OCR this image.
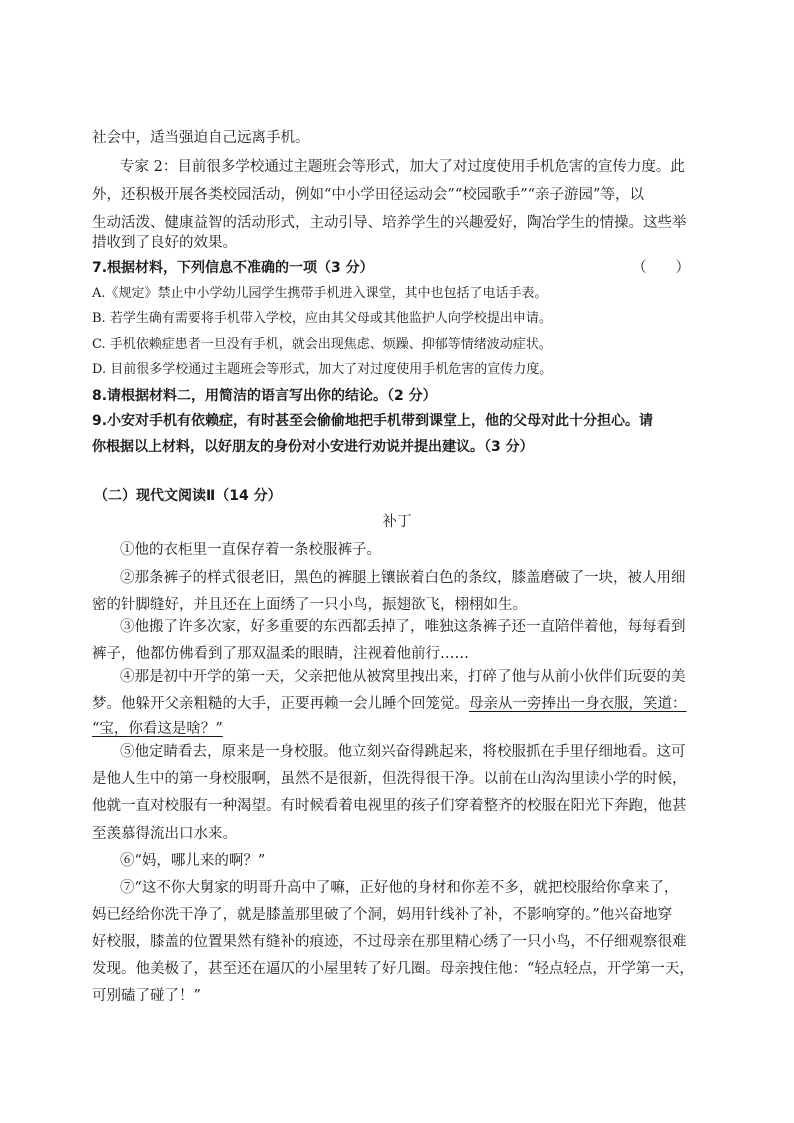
社会中，适当强迫自己远离手机。
专家 2：目前很多学校通过主题班会等形式，加大了对过度使用手机危害的宣传力度。此
外，还积极开展各类校园活动，例如“中小学田径运动会”“校园歌手”“亲子游园”等，以
生动活泼、健康益智的活动形式，主动引导、培养学生的兴趣爱好，陶冶学生的情操。这些举
措收到了良好的效果。
7.根据材料，下列信息不准确的一项（3 分）	（　　）
A.《规定》禁止中小学幼儿园学生携带手机进入课堂，其中也包括了电话手表。
B. 若学生确有需要将手机带入学校，应由其父母或其他监护人向学校提出申请。
C. 手机依赖症患者一旦没有手机，就会出现焦虑、烦躁、抑郁等情绪波动症状。
D. 目前很多学校通过主题班会等形式，加大了对过度使用手机危害的宣传力度。
8.请根据材料二，用简洁的语言写出你的结论。（2 分）
9.小安对手机有依赖症，有时甚至会偷偷地把手机带到课堂上，他的父母对此十分担心。请
你根据以上材料，以好朋友的身份对小安进行劝说并提出建议。（3 分）
（二）现代文阅读Ⅱ（14 分）
补丁
①他的衣柜里一直保存着一条校服裤子。
②那条裤子的样式很老旧，黑色的裤腿上镶嵌着白色的条纹，膝盖磨破了一块，被人用细
密的针脚缝好，并且还在上面绣了一只小鸟，振翅欲飞，栩栩如生。
③他搬了许多次家，好多重要的东西都丢掉了，唯独这条裤子还一直陪伴着他，每每看到
裤子，他都仿佛看到了那双温柔的眼睛，注视着他前行……
④那是初中开学的第一天，父亲把他从被窝里拽出来，打碎了他与从前小伙伴们玩耍的美
梦。他躲开父亲粗糙的大手，正要再赖一会儿睡个回笼觉。母亲从一旁捧出一身衣服，笑道：
“宝，你看这是啥？”
⑤他定睛看去，原来是一身校服。他立刻兴奋得跳起来，将校服抓在手里仔细地看。这可
是他人生中的第一身校服啊，虽然不是很新，但洗得很干净。以前在山沟沟里读小学的时候，
他就一直对校服有一种渴望。有时候看着电视里的孩子们穿着整齐的校服在阳光下奔跑，他甚
至羡慕得流出口水来。
⑥“妈，哪儿来的啊？”
⑦“这不你大舅家的明哥升高中了嘛，正好他的身材和你差不多，就把校服给你拿来了，
妈已经给你洗干净了，就是膝盖那里破了个洞，妈用针线补了补，不影响穿的。”他兴奋地穿
好校服，膝盖的位置果然有缝补的痕迹，不过母亲在那里精心绣了一只小鸟，不仔细观察很难
发现。他美极了，甚至还在逼仄的小屋里转了好几圈。母亲拽住他：“轻点轻点，开学第一天，
可别磕了碰了！”
